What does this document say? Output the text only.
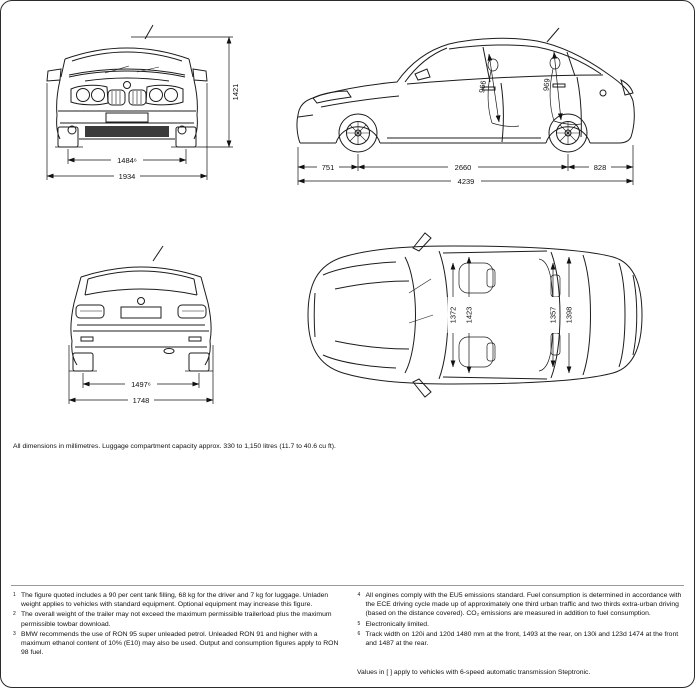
1484⁶
1934
1421	966	969
751	2660	828
4239
1497⁶
1748
1372 1423	1357 1398

All dimensions in millimetres. Luggage compartment capacity approx. 330 to 1,150 litres (11.7 to 40.6 cu ft).

1 The figure quoted includes a 90 per cent tank filling, 68 kg for the driver and 7 kg for luggage. Unladen weight applies to vehicles with standard equipment. Optional equipment may increase this figure.
2 The overall weight of the trailer may not exceed the maximum permissible trailerload plus the maximum permissible towbar download.
3 BMW recommends the use of RON 95 super unleaded petrol. Unleaded RON 91 and higher with a maximum ethanol content of 10% (E10) may also be used. Output and consumption figures apply to RON 98 fuel.
4 All engines comply with the EU5 emissions standard. Fuel consumption is determined in accordance with the ECE driving cycle made up of approximately one third urban traffic and two thirds extra-urban driving (based on the distance covered). CO₂ emissions are measured in addition to fuel consumption.
5 Electronically limited.
6 Track width on 120i and 120d 1480 mm at the front, 1493 at the rear, on 130i and 123d 1474 at the front and 1487 at the rear.

Values in [ ] apply to vehicles with 6-speed automatic transmission Steptronic.
